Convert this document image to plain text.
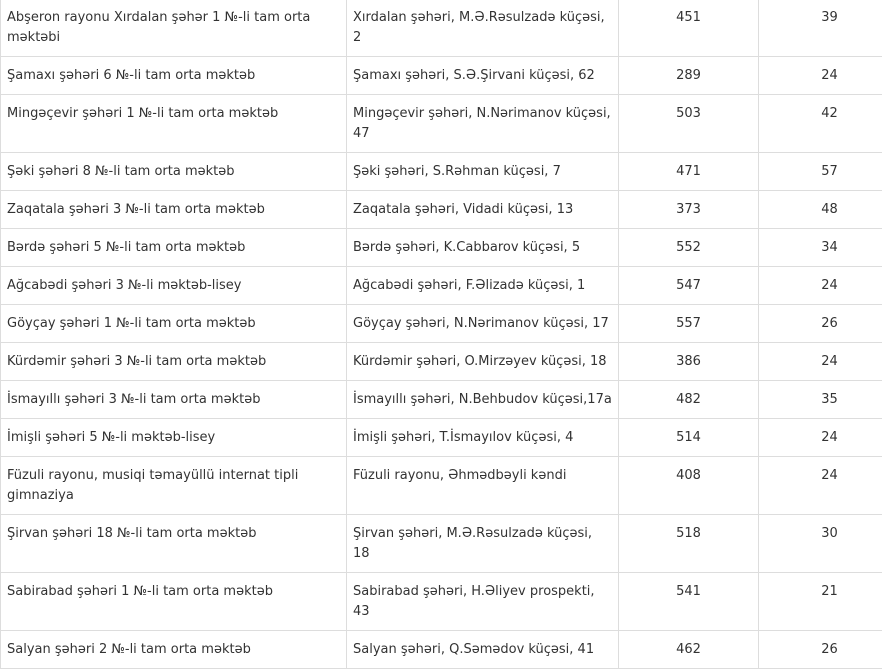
Abşeron rayonu Xırdalan şəhər 1 №-li tam orta məktəbi	Xırdalan şəhəri, M.Ə.Rəsulzadə küçəsi, 2	451	39
Şamaxı şəhəri 6 №-li tam orta məktəb	Şamaxı şəhəri, S.Ə.Şirvani küçəsi, 62	289	24
Mingəçevir şəhəri 1 №-li tam orta məktəb	Mingəçevir şəhəri, N.Nərimanov küçəsi, 47	503	42
Şəki şəhəri 8 №-li tam orta məktəb	Şəki şəhəri, S.Rəhman küçəsi, 7	471	57
Zaqatala şəhəri 3 №-li tam orta məktəb	Zaqatala şəhəri, Vidadi küçəsi, 13	373	48
Bərdə şəhəri 5 №-li tam orta məktəb	Bərdə şəhəri, K.Cabbarov küçəsi, 5	552	34
Ağcabədi şəhəri 3 №-li məktəb-lisey	Ağcabədi şəhəri, F.Əlizadə küçəsi, 1	547	24
Göyçay şəhəri 1 №-li tam orta məktəb	Göyçay şəhəri, N.Nərimanov küçəsi, 17	557	26
Kürdəmir şəhəri 3 №-li tam orta məktəb	Kürdəmir şəhəri, O.Mirzəyev küçəsi, 18	386	24
İsmayıllı şəhəri 3 №-li tam orta məktəb	İsmayıllı şəhəri, N.Behbudov küçəsi,17a	482	35
İmişli şəhəri 5 №-li məktəb-lisey	İmişli şəhəri, T.İsmayılov küçəsi, 4	514	24
Füzuli rayonu, musiqi təmayüllü internat tipli gimnaziya	Füzuli rayonu, Əhmədbəyli kəndi	408	24
Şirvan şəhəri 18 №-li tam orta məktəb	Şirvan şəhəri, M.Ə.Rəsulzadə küçəsi, 18	518	30
Sabirabad şəhəri 1 №-li tam orta məktəb	Sabirabad şəhəri, H.Əliyev prospekti, 43	541	21
Salyan şəhəri 2 №-li tam orta məktəb	Salyan şəhəri, Q.Səmədov küçəsi, 41	462	26
